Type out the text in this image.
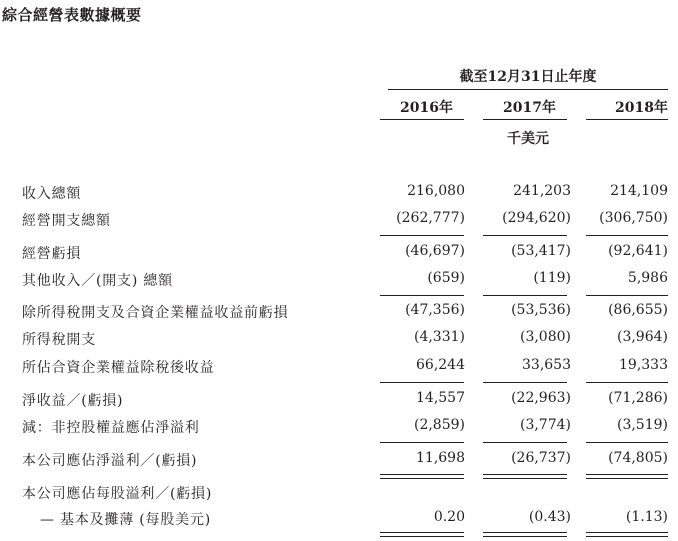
綜合經營表數據概要
截至12月31日止年度
2016年	2017年	2018年
千美元
收入總額	216,080	241,203	214,109
經營開支總額	(262,777)	(294,620)	(306,750)
經營虧損	(46,697)	(53,417)	(92,641)
其他收入／(開支) 總額	(659)	(119)	5,986
除所得稅開支及合資企業權益收益前虧損	(47,356)	(53,536)	(86,655)
所得稅開支	(4,331)	(3,080)	(3,964)
所佔合資企業權益除稅後收益	66,244	33,653	19,333
淨收益／(虧損)	14,557	(22,963)	(71,286)
減：非控股權益應佔淨溢利	(2,859)	(3,774)	(3,519)
本公司應佔淨溢利／(虧損)	11,698	(26,737)	(74,805)
本公司應佔每股溢利／(虧損)
— 基本及攤薄 (每股美元)	0.20	(0.43)	(1.13)
